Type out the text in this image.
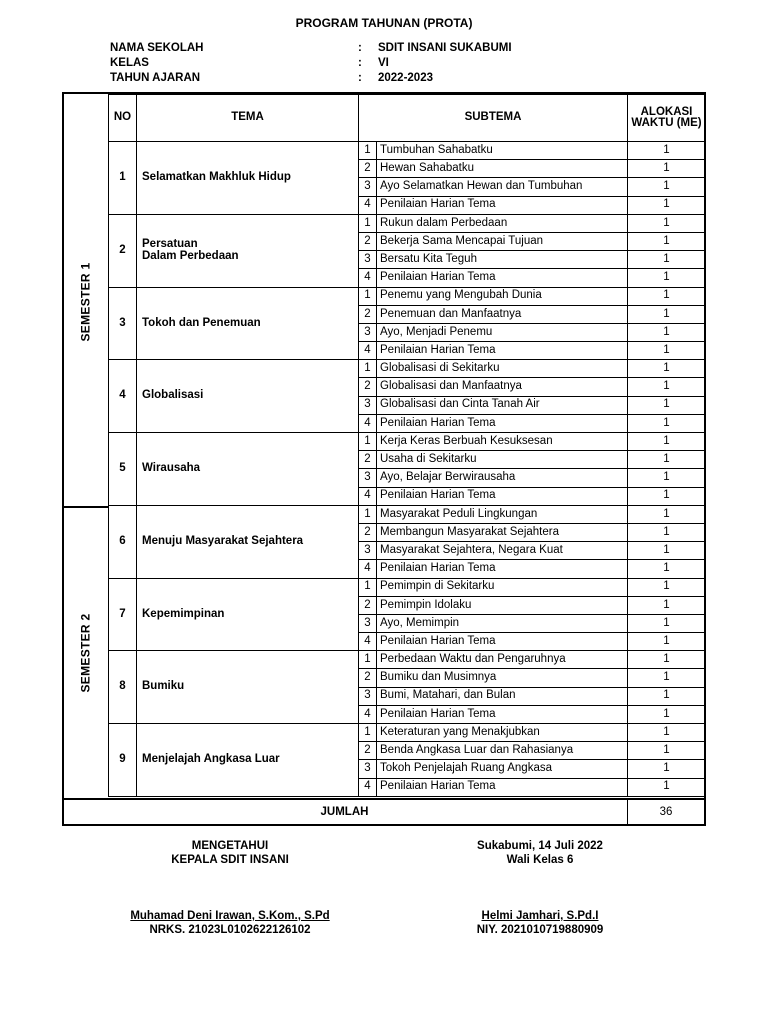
PROGRAM TAHUNAN (PROTA)
NAMA SEKOLAH	: SDIT INSANI SUKABUMI
KELAS	: VI
TAHUN AJARAN	: 2022-2023
SEMESTER 1
SEMESTER 2
NO	TEMA	SUBTEMA		ALOKASI
WAKTU (ME)

1	Selamatkan Makhluk Hidup	1	Tumbuhan Sahabatku	1
		2	Hewan Sahabatku	1
		3	Ayo Selamatkan Hewan dan Tumbuhan	1
		4	Penilaian Harian Tema	1
2	Persatuan
Dalam Perbedaan	1	Rukun dalam Perbedaan	1
		2	Bekerja Sama Mencapai Tujuan	1
		3	Bersatu Kita Teguh	1
		4	Penilaian Harian Tema	1
3	Tokoh dan Penemuan	1	Penemu yang Mengubah Dunia	1
		2	Penemuan dan Manfaatnya	1
		3	Ayo, Menjadi Penemu	1
		4	Penilaian Harian Tema	1
4	Globalisasi	1	Globalisasi di Sekitarku	1
		2	Globalisasi dan Manfaatnya	1
		3	Globalisasi dan Cinta Tanah Air	1
		4	Penilaian Harian Tema	1
5	Wirausaha	1	Kerja Keras Berbuah Kesuksesan	1
		2	Usaha di Sekitarku	1
		3	Ayo, Belajar Berwirausaha	1
		4	Penilaian Harian Tema	1
6	Menuju Masyarakat Sejahtera	1	Masyarakat Peduli Lingkungan	1
		2	Membangun Masyarakat Sejahtera	1
		3	Masyarakat Sejahtera, Negara Kuat	1
		4	Penilaian Harian Tema	1
7	Kepemimpinan	1	Pemimpin di Sekitarku	1
		2	Pemimpin Idolaku	1
		3	Ayo, Memimpin	1
		4	Penilaian Harian Tema	1
8	Bumiku	1	Perbedaan Waktu dan Pengaruhnya	1
		2	Bumiku dan Musimnya	1
		3	Bumi, Matahari, dan Bulan	1
		4	Penilaian Harian Tema	1
9	Menjelajah Angkasa Luar	1	Keteraturan yang Menakjubkan	1
		2	Benda Angkasa Luar dan Rahasianya	1
		3	Tokoh Penjelajah Ruang Angkasa	1
		4	Penilaian Harian Tema	1
JUMLAH	36
MENGETAHUI
KEPALA SDIT INSANI
Muhamad Deni Irawan, S.Kom., S.Pd
NRKS. 21023L0102622126102
Sukabumi, 14 Juli 2022
Wali Kelas 6
Helmi Jamhari, S.Pd.I
NIY. 2021010719880909
